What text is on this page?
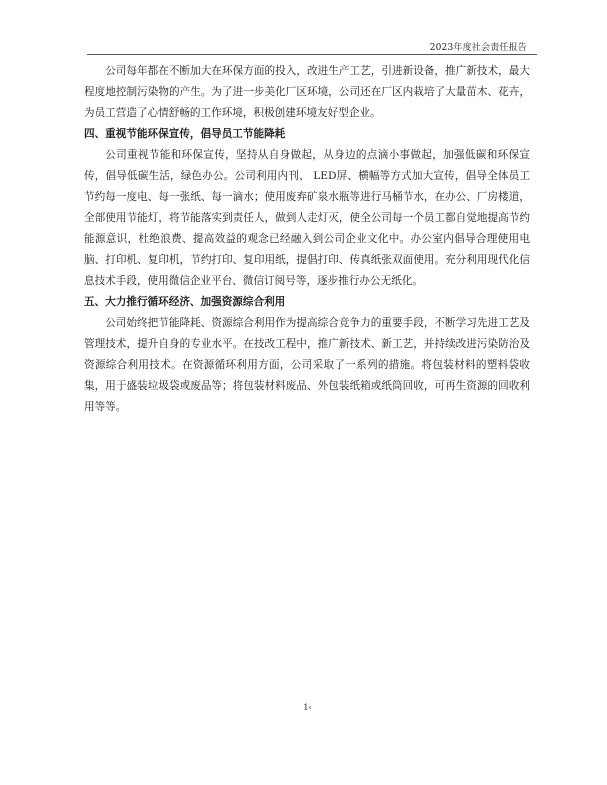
2023年度社会责任报告

公司每年都在不断加大在环保方面的投入，改进生产工艺，引进新设备，推广新技术，最大程度地控制污染物的产生。为了进一步美化厂区环境，公司还在厂区内栽培了大量苗木、花卉，为员工营造了心情舒畅的工作环境，积极创建环境友好型企业。

四、重视节能环保宣传，倡导员工节能降耗

公司重视节能和环保宣传，坚持从自身做起，从身边的点滴小事做起，加强低碳和环保宣传，倡导低碳生活，绿色办公。公司利用内刊、 LED屏、横幅等方式加大宣传，倡导全体员工节约每一度电、每一张纸、每一滴水；使用废弃矿泉水瓶等进行马桶节水，在办公、厂房楼道，全部使用节能灯，将节能落实到责任人，做到人走灯灭，使全公司每一个员工都自觉地提高节约能源意识，杜绝浪费、提高效益的观念已经融入到公司企业文化中。办公室内倡导合理使用电脑、打印机、复印机，节约打印、复印用纸，提倡打印、传真纸张双面使用。充分利用现代化信息技术手段，使用微信企业平台、微信订阅号等，逐步推行办公无纸化。

五、大力推行循环经济、加强资源综合利用

公司始终把节能降耗、资源综合利用作为提高综合竞争力的重要手段，不断学习先进工艺及管理技术，提升自身的专业水平。在技改工程中，推广新技术、新工艺，并持续改进污染防治及资源综合利用技术。在资源循环利用方面，公司采取了一系列的措施。将包装材料的塑料袋收集，用于盛装垃圾袋或废品等；将包装材料废品、外包装纸箱或纸筒回收，可再生资源的回收利用等等。

1‹
